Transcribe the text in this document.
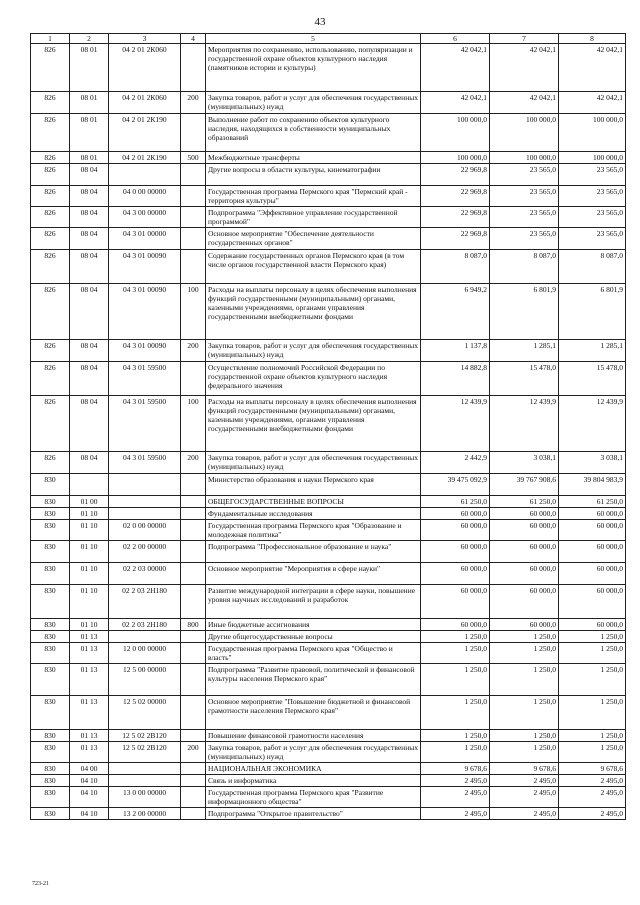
43
1	2	3	4	5	6	7	8
826	08 01	04 2 01 2К060		Мероприятия по сохранению, использованию, популяризации и государственной охране объектов культурного наследия (памятников истории и культуры)	42 042,1	42 042,1	42 042,1
826	08 01	04 2 01 2К060	200	Закупка товаров, работ и услуг для обеспечения государственных (муниципальных) нужд	42 042,1	42 042,1	42 042,1
826	08 01	04 2 01 2К190		Выполнение работ по сохранению объектов культурного наследия, находящихся в собственности муниципальных образований	100 000,0	100 000,0	100 000,0
826	08 01	04 2 01 2К190	500	Межбюджетные трансферты	100 000,0	100 000,0	100 000,0
826	08 04			Другие вопросы в области культуры, кинематографии	22 969,8	23 565,0	23 565,0
826	08 04	04 0 00 00000		Государственная программа Пермского края "Пермский край - территория культуры"	22 969,8	23 565,0	23 565,0
826	08 04	04 3 00 00000		Подпрограмма "Эффективное управление государственной программой"	22 969,8	23 565,0	23 565,0
826	08 04	04 3 01 00000		Основное мероприятие "Обеспечение деятельности государственных органов"	22 969,8	23 565,0	23 565,0
826	08 04	04 3 01 00090		Содержание государственных органов Пермского края (в том числе органов государственной власти Пермского края)	8 087,0	8 087,0	8 087,0
826	08 04	04 3 01 00090	100	Расходы на выплаты персоналу в целях обеспечения выполнения функций государственными (муниципальными) органами, казенными учреждениями, органами управления государственными внебюджетными фондами	6 949,2	6 801,9	6 801,9
826	08 04	04 3 01 00090	200	Закупка товаров, работ и услуг для обеспечения государственных (муниципальных) нужд	1 137,8	1 285,1	1 285,1
826	08 04	04 3 01 59500		Осуществление полномочий Российской Федерации по государственной охране объектов культурного наследия федерального значения	14 882,8	15 478,0	15 478,0
826	08 04	04 3 01 59500	100	Расходы на выплаты персоналу в целях обеспечения выполнения функций государственными (муниципальными) органами, казенными учреждениями, органами управления государственными внебюджетными фондами	12 439,9	12 439,9	12 439,9
826	08 04	04 3 01 59500	200	Закупка товаров, работ и услуг для обеспечения государственных (муниципальных) нужд	2 442,9	3 038,1	3 038,1
830				Министерство образования и науки Пермского края	39 475 092,9	39 767 908,6	39 804 983,9
830	01 00			ОБЩЕГОСУДАРСТВЕННЫЕ ВОПРОСЫ	61 250,0	61 250,0	61 250,0
830	01 10			Фундаментальные исследования	60 000,0	60 000,0	60 000,0
830	01 10	02 0 00 00000		Государственная программа Пермского края "Образование и молодежная политика"	60 000,0	60 000,0	60 000,0
830	01 10	02 2 00 00000		Подпрограмма "Профессиональное образование и наука"	60 000,0	60 000,0	60 000,0
830	01 10	02 2 03 00000		Основное мероприятие "Мероприятия в сфере науки"	60 000,0	60 000,0	60 000,0
830	01 10	02 2 03 2Н180		Развитие международной интеграции в сфере науки, повышение уровня научных исследований и разработок	60 000,0	60 000,0	60 000,0
830	01 10	02 2 03 2Н180	800	Иные бюджетные ассигнования	60 000,0	60 000,0	60 000,0
830	01 13			Другие общегосударственные вопросы	1 250,0	1 250,0	1 250,0
830	01 13	12 0 00 00000		Государственная программа Пермского края "Общество и власть"	1 250,0	1 250,0	1 250,0
830	01 13	12 5 00 00000		Подпрограмма "Развитие правовой, политической и финансовой культуры населения Пермского края"	1 250,0	1 250,0	1 250,0
830	01 13	12 5 02 00000		Основное мероприятие "Повышение бюджетной и финансовой грамотности населения Пермского края"	1 250,0	1 250,0	1 250,0
830	01 13	12 5 02 2В120		Повышение финансовой грамотности населения	1 250,0	1 250,0	1 250,0
830	01 13	12 5 02 2В120	200	Закупка товаров, работ и услуг для обеспечения государственных (муниципальных) нужд	1 250,0	1 250,0	1 250,0
830	04 00			НАЦИОНАЛЬНАЯ ЭКОНОМИКА	9 678,6	9 678,6	9 678,6
830	04 10			Связь и информатика	2 495,0	2 495,0	2 495,0
830	04 10	13 0 00 00000		Государственная программа Пермского края "Развитие информационного общества"	2 495,0	2 495,0	2 495,0
830	04 10	13 2 00 00000		Подпрограмма "Открытое правительство"	2 495,0	2 495,0	2 495,0
723-21
